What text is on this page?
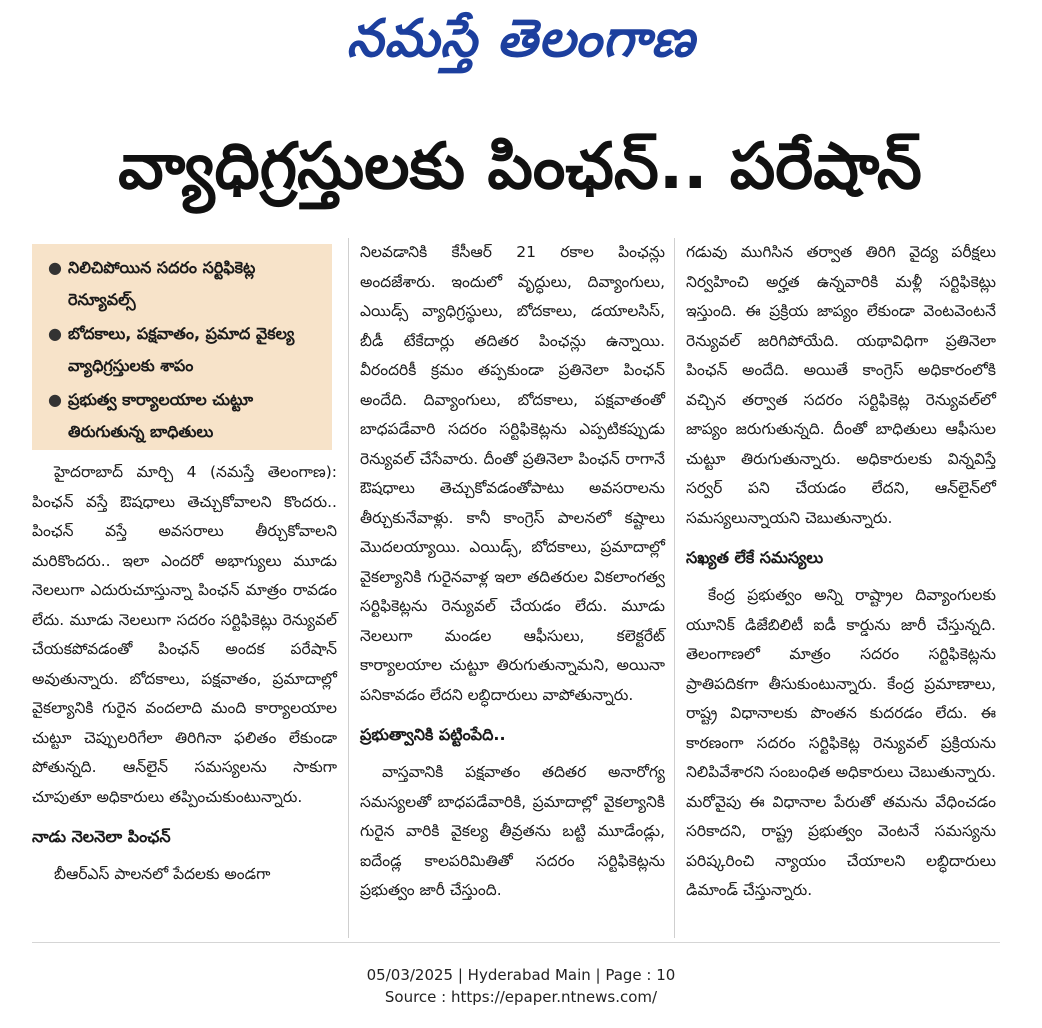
నమస్తే తెలంగాణ
వ్యాధిగ్రస్తులకు పింఛన్.. పరేషాన్
● నిలిచిపోయిన సదరం సర్టిఫికెట్ల రెన్యూవల్స్
● బోదకాలు, పక్షవాతం, ప్రమాద వైకల్య వ్యాధిగ్రస్తులకు శాపం
● ప్రభుత్వ కార్యాలయాల చుట్టూ తిరుగుతున్న బాధితులు

హైదరాబాద్ మార్చి 4 (నమస్తే తెలంగాణ): పింఛన్ వస్తే ఔషధాలు తెచ్చుకోవాలని కొందరు.. పింఛన్ వస్తే అవసరాలు తీర్చుకోవాలని మరికొందరు.. ఇలా ఎందరో అభాగ్యులు మూడు నెలలుగా ఎదురుచూస్తున్నా పింఛన్ మాత్రం రావడం లేదు. మూడు నెలలుగా సదరం సర్టిఫికెట్లు రెన్యువల్ చేయకపోవడంతో పింఛన్ అందక పరేషాన్ అవుతున్నారు. బోదకాలు, పక్షవాతం, ప్రమాదాల్లో వైకల్యానికి గురైన వందలాది మంది కార్యాలయాల చుట్టూ చెప్పులరిగేలా తిరిగినా ఫలితం లేకుండా పోతున్నది. ఆన్‌లైన్ సమస్యలను సాకుగా చూపుతూ అధికారులు తప్పించుకుంటున్నారు.

నాడు నెలనెలా పింఛన్

బీఆర్‌ఎస్ పాలనలో పేదలకు అండగా

నిలవడానికి కేసీఆర్ 21 రకాల పింఛన్లు అందజేశారు. ఇందులో వృద్ధులు, దివ్యాంగులు, ఎయిడ్స్ వ్యాధిగ్రస్థులు, బోదకాలు, డయాలసిస్, బీడీ టేకేదార్లు తదితర పింఛన్లు ఉన్నాయి. వీరందరికీ క్రమం తప్పకుండా ప్రతినెలా పింఛన్ అందేది. దివ్యాంగులు, బోదకాలు, పక్షవాతంతో బాధపడేవారి సదరం సర్టిఫికెట్లను ఎప్పటికప్పుడు రెన్యువల్ చేసేవారు. దీంతో ప్రతినెలా పింఛన్ రాగానే ఔషధాలు తెచ్చుకోవడంతోపాటు అవసరాలను తీర్చుకునేవాళ్లు. కానీ కాంగ్రెస్ పాలనలో కష్టాలు మొదలయ్యాయి. ఎయిడ్స్, బోదకాలు, ప్రమాదాల్లో వైకల్యానికి గురైనవాళ్ల ఇలా తదితరుల వికలాంగత్వ సర్టిఫికెట్లను రెన్యువల్ చేయడం లేదు. మూడు నెలలుగా మండల ఆఫీసులు, కలెక్టరేట్ కార్యాలయాల చుట్టూ తిరుగుతున్నామని, అయినా పనికావడం లేదని లబ్ధిదారులు వాపోతున్నారు.

ప్రభుత్వానికి పట్టింపేది..

వాస్తవానికి పక్షవాతం తదితర అనారోగ్య సమస్యలతో బాధపడేవారికి, ప్రమాదాల్లో వైకల్యానికి గురైన వారికి వైకల్య తీవ్రతను బట్టి మూడేండ్లు, ఐదేండ్ల కాలపరిమితితో సదరం సర్టిఫికెట్లను ప్రభుత్వం జారీ చేస్తుంది.

గడువు ముగిసిన తర్వాత తిరిగి వైద్య పరీక్షలు నిర్వహించి అర్హత ఉన్నవారికి మళ్లీ సర్టిఫికెట్లు ఇస్తుంది. ఈ ప్రక్రియ జాప్యం లేకుండా వెంటవెంటనే రెన్యువల్ జరిగిపోయేది. యథావిధిగా ప్రతినెలా పింఛన్ అందేది. అయితే కాంగ్రెస్ అధికారంలోకి వచ్చిన తర్వాత సదరం సర్టిఫికెట్ల రెన్యువల్‌లో జాప్యం జరుగుతున్నది. దీంతో బాధితులు ఆఫీసుల చుట్టూ తిరుగుతున్నారు. అధికారులకు విన్నవిస్తే సర్వర్ పని చేయడం లేదని, ఆన్‌లైన్‌లో సమస్యలున్నాయని చెబుతున్నారు.

సఖ్యత లేకే సమస్యలు

కేంద్ర ప్రభుత్వం అన్ని రాష్ట్రాల దివ్యాంగులకు యూనిక్ డిజేబిలిటీ ఐడీ కార్డును జారీ చేస్తున్నది. తెలంగాణలో మాత్రం సదరం సర్టిఫికెట్లను ప్రాతిపదికగా తీసుకుంటున్నారు. కేంద్ర ప్రమాణాలు, రాష్ట్ర విధానాలకు పొంతన కుదరడం లేదు. ఈ కారణంగా సదరం సర్టిఫికెట్ల రెన్యువల్ ప్రక్రియను నిలిపివేశారని సంబంధిత అధికారులు చెబుతున్నారు. మరోవైపు ఈ విధానాల పేరుతో తమను వేధించడం సరికాదని, రాష్ట్ర ప్రభుత్వం వెంటనే సమస్యను పరిష్కరించి న్యాయం చేయాలని లబ్ధిదారులు డిమాండ్ చేస్తున్నారు.

05/03/2025 | Hyderabad Main | Page : 10
Source : https://epaper.ntnews.com/
